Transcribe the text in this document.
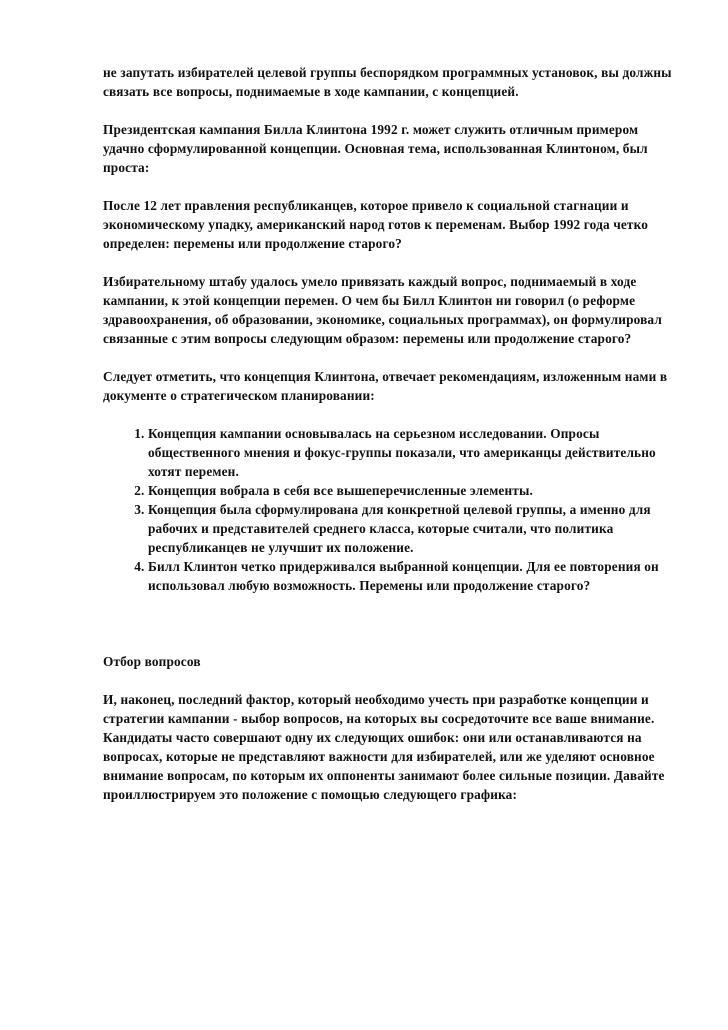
не запутать избирателей целевой группы беспорядком программных установок, вы должны связать все вопросы, поднимаемые в ходе кампании, с концепцией.

Президентская кампания Билла Клинтона 1992 г. может служить отличным примером удачно сформулированной концепции. Основная тема, использованная Клинтоном, был проста:

После 12 лет правления республиканцев, которое привело к социальной стагнации и экономическому упадку, американский народ готов к переменам. Выбор 1992 года четко определен: перемены или продолжение старого?

Избирательному штабу удалось умело привязать каждый вопрос, поднимаемый в ходе кампании, к этой концепции перемен. О чем бы Билл Клинтон ни говорил (о реформе здравоохранения, об образовании, экономике, социальных программах), он формулировал связанные с этим вопросы следующим образом: перемены или продолжение старого?

Следует отметить, что концепция Клинтона, отвечает рекомендациям, изложенным нами в документе о стратегическом планировании:

1. Концепция кампании основывалась на серьезном исследовании. Опросы общественного мнения и фокус-группы показали, что американцы действительно хотят перемен.
2. Концепция вобрала в себя все вышеперечисленные элементы.
3. Концепция была сформулирована для конкретной целевой группы, а именно для рабочих и представителей среднего класса, которые считали, что политика республиканцев не улучшит их положение.
4. Билл Клинтон четко придерживался выбранной концепции. Для ее повторения он использовал любую возможность. Перемены или продолжение старого?

Отбор вопросов

И, наконец, последний фактор, который необходимо учесть при разработке концепции и стратегии кампании - выбор вопросов, на которых вы сосредоточите все ваше внимание. Кандидаты часто совершают одну их следующих ошибок: они или останавливаются на вопросах, которые не представляют важности для избирателей, или же уделяют основное внимание вопросам, по которым их оппоненты занимают более сильные позиции. Давайте проиллюстрируем это положение с помощью следующего графика:
